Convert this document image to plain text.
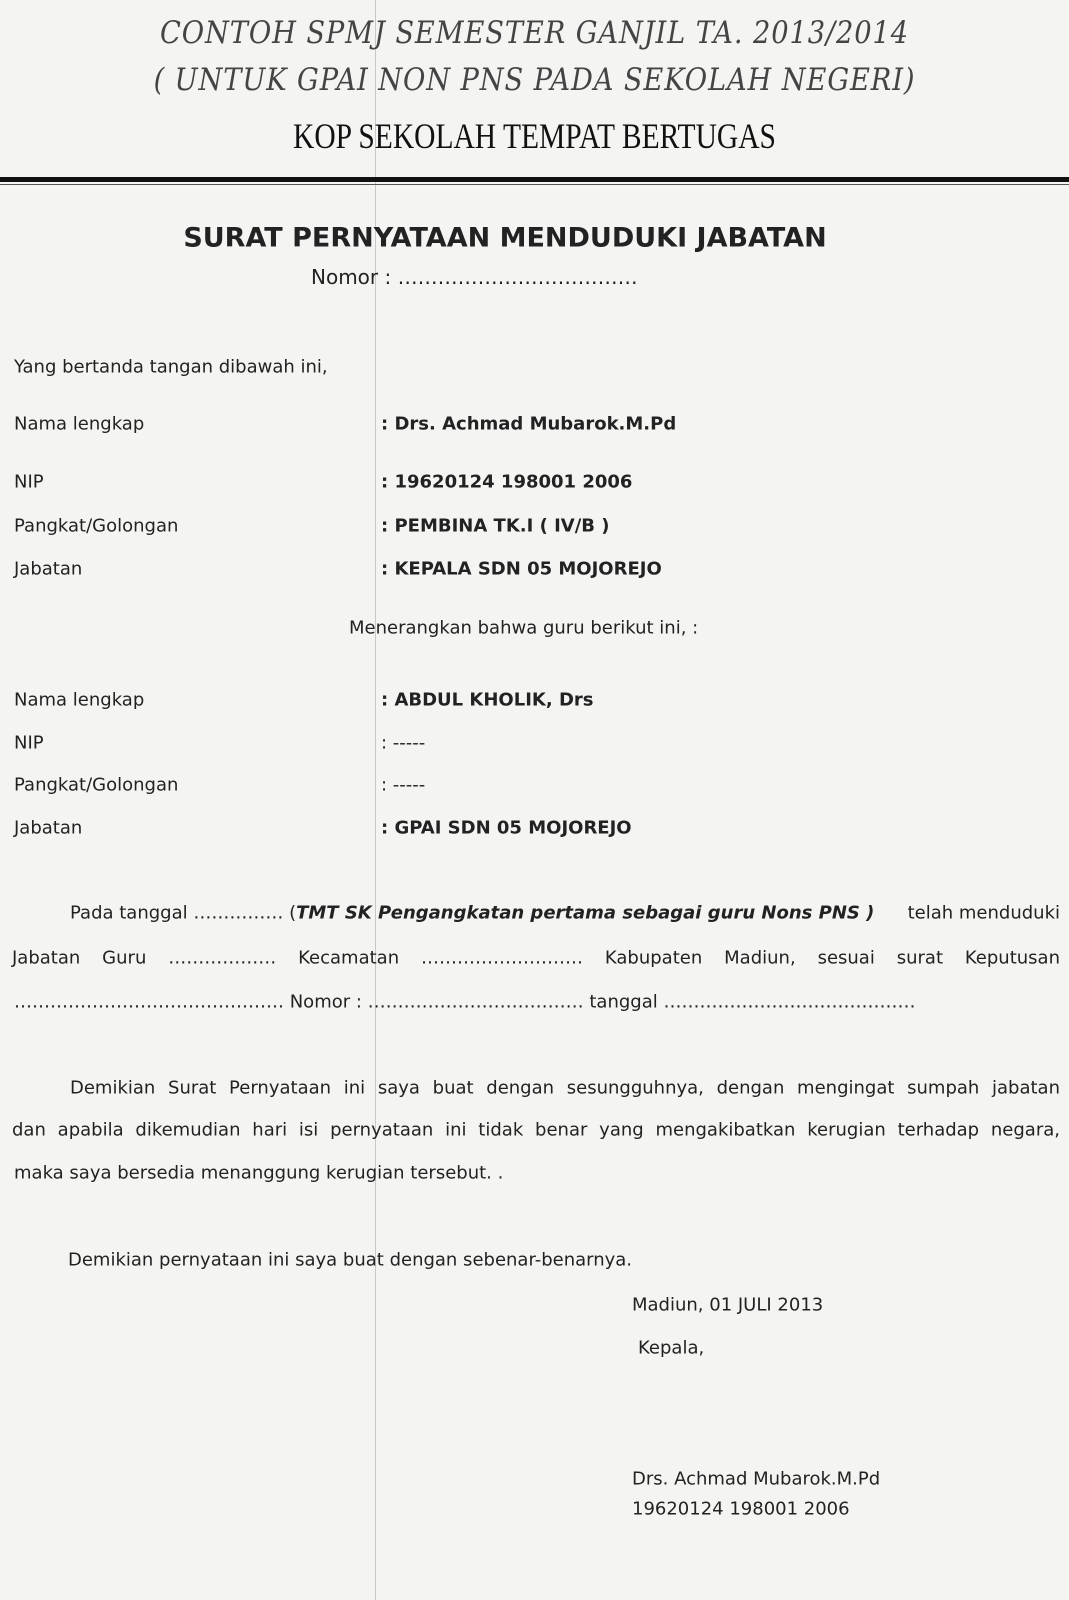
CONTOH SPMJ SEMESTER GANJIL TA. 2013/2014
( UNTUK GPAI NON PNS PADA SEKOLAH NEGERI)
KOP SEKOLAH TEMPAT BERTUGAS
SURAT PERNYATAAN MENDUDUKI JABATAN
Nomor : ………………………………
Yang bertanda tangan dibawah ini,
Nama lengkap	: Drs. Achmad Mubarok.M.Pd
NIP	: 19620124 198001 2006
Pangkat/Golongan	: PEMBINA TK.I ( IV/B )
Jabatan	: KEPALA SDN 05 MOJOREJO
Menerangkan bahwa guru berikut ini, :
Nama lengkap	: ABDUL KHOLIK, Drs
NIP	: -----
Pangkat/Golongan	: -----
Jabatan	: GPAI SDN 05 MOJOREJO
Pada tanggal …………… (TMT SK Pengangkatan pertama sebagai guru Nons PNS ) telah menduduki
Jabatan Guru ……………… Kecamatan ……………………… Kabupaten Madiun, sesuai surat Keputusan
……………………………………… Nomor : ……………………………… tanggal ……………………………………
Demikian Surat Pernyataan ini saya buat dengan sesungguhnya, dengan mengingat sumpah jabatan
dan apabila dikemudian hari isi pernyataan ini tidak benar yang mengakibatkan kerugian terhadap negara,
maka saya bersedia menanggung kerugian tersebut. .
Demikian pernyataan ini saya buat dengan sebenar-benarnya.
Madiun, 01 JULI 2013
Kepala,
Drs. Achmad Mubarok.M.Pd
19620124 198001 2006
